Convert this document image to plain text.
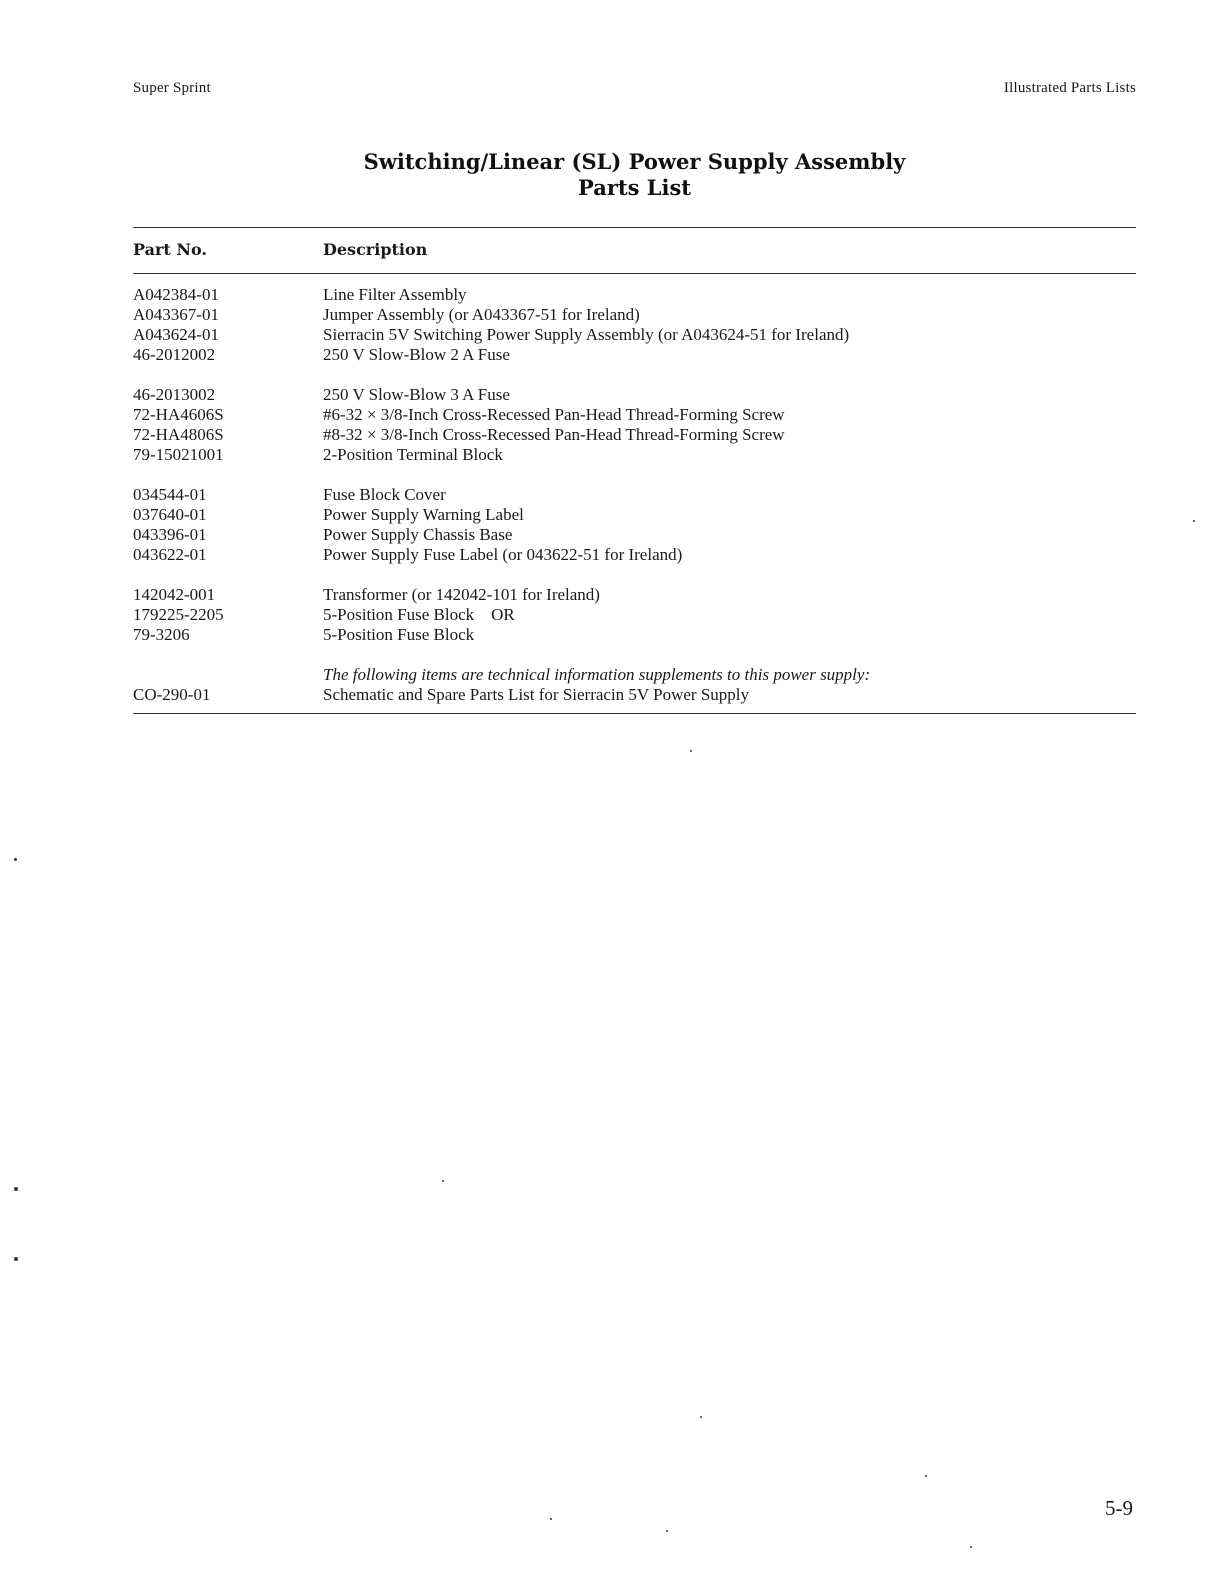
Super Sprint	Illustrated Parts Lists
Switching/Linear (SL) Power Supply Assembly
Parts List
Part No.	Description
A042384-01	Line Filter Assembly
A043367-01	Jumper Assembly (or A043367-51 for Ireland)
A043624-01	Sierracin 5V Switching Power Supply Assembly (or A043624-51 for Ireland)
46-2012002	250 V Slow-Blow 2 A Fuse
46-2013002	250 V Slow-Blow 3 A Fuse
72-HA4606S	#6-32 × 3/8-Inch Cross-Recessed Pan-Head Thread-Forming Screw
72-HA4806S	#8-32 × 3/8-Inch Cross-Recessed Pan-Head Thread-Forming Screw
79-15021001	2-Position Terminal Block
034544-01	Fuse Block Cover
037640-01	Power Supply Warning Label
043396-01	Power Supply Chassis Base
043622-01	Power Supply Fuse Label (or 043622-51 for Ireland)
142042-001	Transformer (or 142042-101 for Ireland)
179225-2205	5-Position Fuse Block    OR
79-3206	5-Position Fuse Block
The following items are technical information supplements to this power supply:
CO-290-01	Schematic and Spare Parts List for Sierracin 5V Power Supply
5-9
